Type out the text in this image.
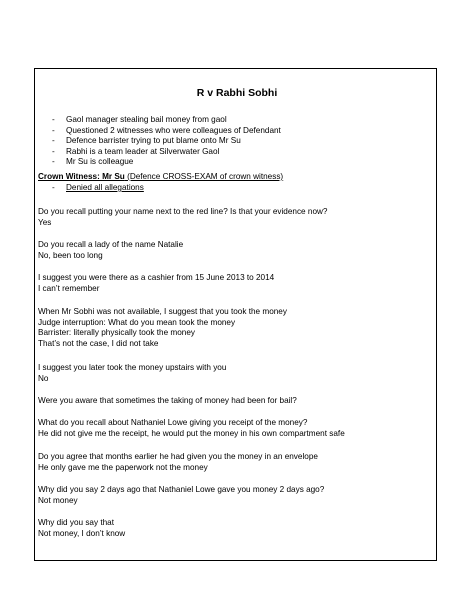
R v Rabhi Sobhi
- Gaol manager stealing bail money from gaol
- Questioned 2 witnesses who were colleagues of Defendant
- Defence barrister trying to put blame onto Mr Su
- Rabhi is a team leader at Silverwater Gaol
- Mr Su is colleague
Crown Witness: Mr Su (Defence CROSS-EXAM of crown witness)
- Denied all allegations
Do you recall putting your name next to the red line? Is that your evidence now?
Yes
Do you recall a lady of the name Natalie
No, been too long
I suggest you were there as a cashier from 15 June 2013 to 2014
I can’t remember
When Mr Sobhi was not available, I suggest that you took the money
Judge interruption: What do you mean took the money
Barrister: literally physically took the money
That’s not the case, I did not take
I suggest you later took the money upstairs with you
No
Were you aware that sometimes the taking of money had been for bail?
What do you recall about Nathaniel Lowe giving you receipt of the money?
He did not give me the receipt, he would put the money in his own compartment safe
Do you agree that months earlier he had given you the money in an envelope
He only gave me the paperwork not the money
Why did you say 2 days ago that Nathaniel Lowe gave you money 2 days ago?
Not money
Why did you say that
Not money, I don’t know
